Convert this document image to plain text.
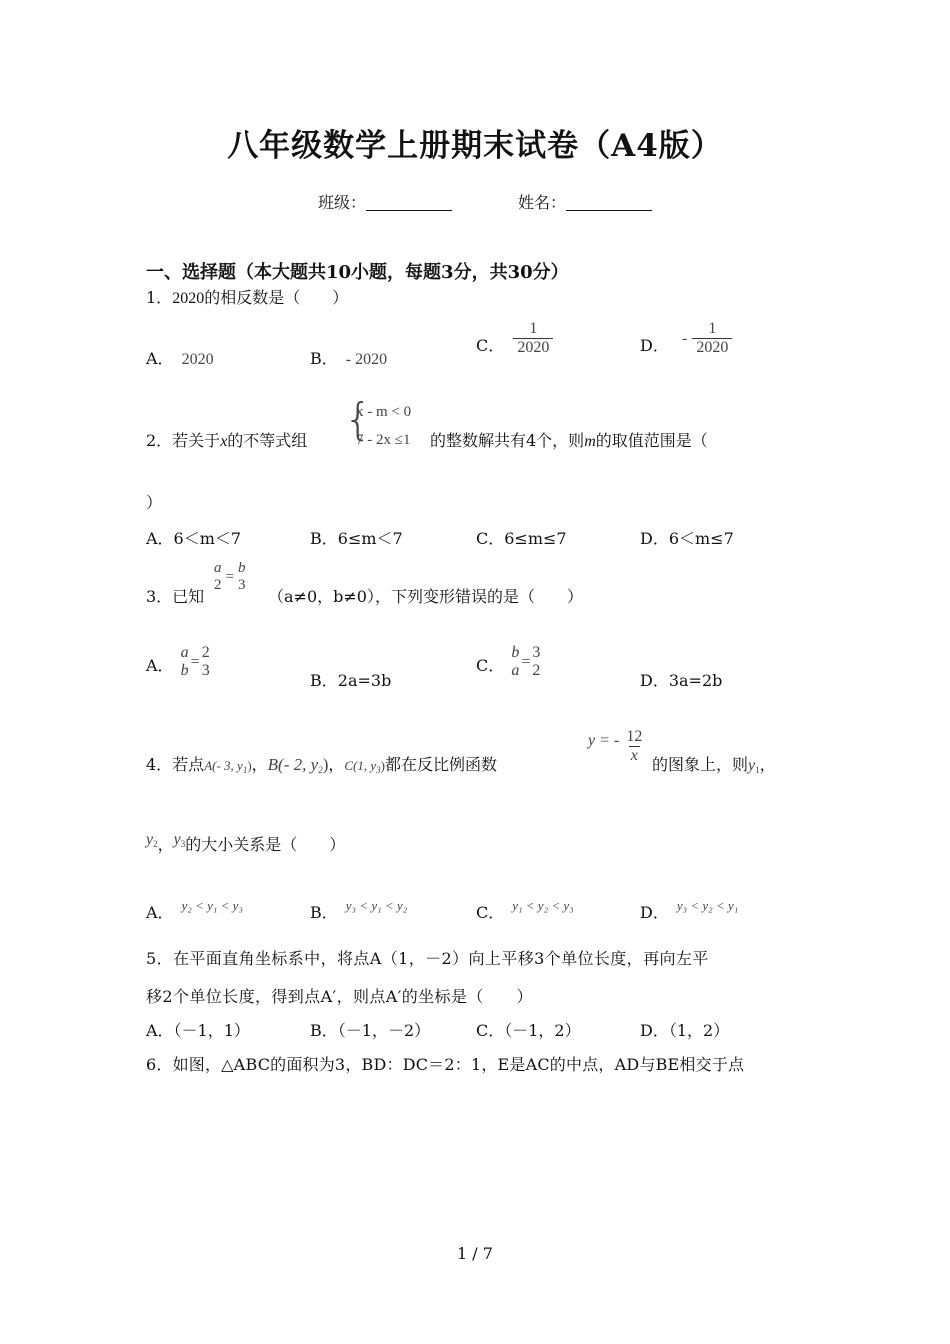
八年级数学上册期末试卷（A4版）
班级：	姓名：
一、选择题（本大题共10小题，每题3分，共30分）
1．2020的相反数是（　　）
A． 2020	B． - 2020
C． $\frac{1}{2020}$	D． - $\frac{1}{2020}$
2．若关于x的不等式组 {
x - m < 0
7 - 2x ≤1 的整数解共有4个，则m的取值范围是（
）
A．6＜m＜7	B．6≤m＜7	C．6≤m≤7	D．6＜m≤7
3．已知
a
2 =
b
3
（a≠0，b≠0），下列变形错误的是（　　）
A．
a
b =
2
3
B．2a=3b
C．
b
a =
3
2
D．3a=2b
4．若点A(- 3, $y_1$)，B(- 2, $y_2$)，C(1, $y_3$)都在反比例函数
y = - $\frac{12}{x}$ 的图象上，则$y_1$，
$y_2$，$y_3$的大小关系是（　　）
A． y₂ < y₁ < y₃	B． y₃ < y₁ < y₂	C． y₁ < y₂ < y₃	D． y₃ < y₂ < y₁
5．在平面直角坐标系中，将点A（1，－2）向上平移3个单位长度，再向左平
移2个单位长度，得到点A′，则点A′的坐标是（　　）
A．（－1，1）	B．（－1，－2）	C．（－1，2）	D．（1，2）
6．如图，△ABC的面积为3，BD：DC＝2：1，E是AC的中点，AD与BE相交于点
1 / 7
